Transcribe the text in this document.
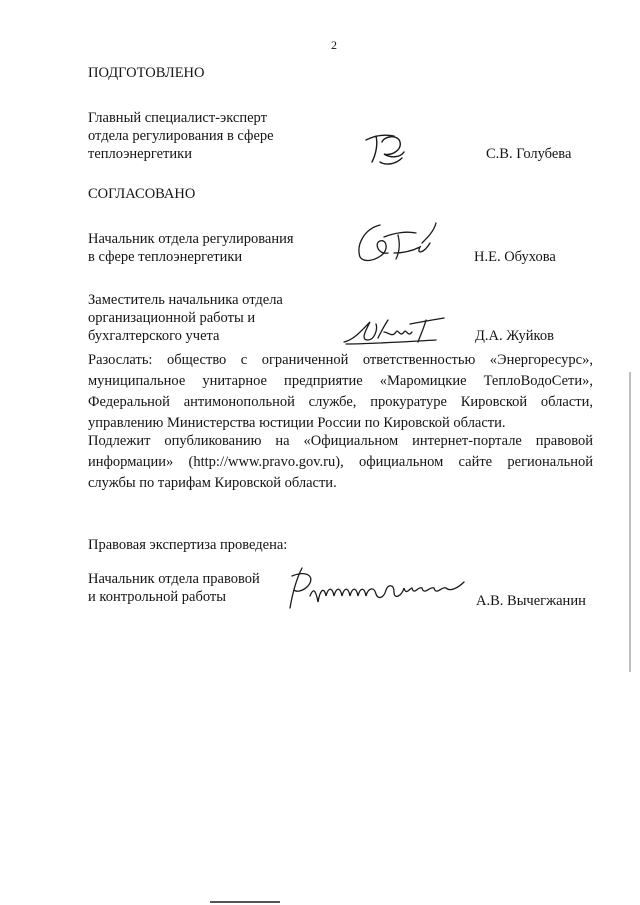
2
ПОДГОТОВЛЕНО
Главный специалист-эксперт
отдела регулирования в сфере
теплоэнергетики	С.В. Голубева
СОГЛАСОВАНО
Начальник отдела регулирования
в сфере теплоэнергетики	Н.Е. Обухова
Заместитель начальника отдела
организационной работы и
бухгалтерского учета	Д.А. Жуйков
Разослать: общество с ограниченной ответственностью «Энергоресурс», муниципальное унитарное предприятие «Маромицкие ТеплоВодоСети», Федеральной антимонопольной службе, прокуратуре Кировской области, управлению Министерства юстиции России по Кировской области.
Подлежит опубликованию на «Официальном интернет-портале правовой информации» (http://www.pravo.gov.ru), официальном сайте региональной службы по тарифам Кировской области.
Правовая экспертиза проведена:
Начальник отдела правовой
и контрольной работы	А.В. Вычегжанин
